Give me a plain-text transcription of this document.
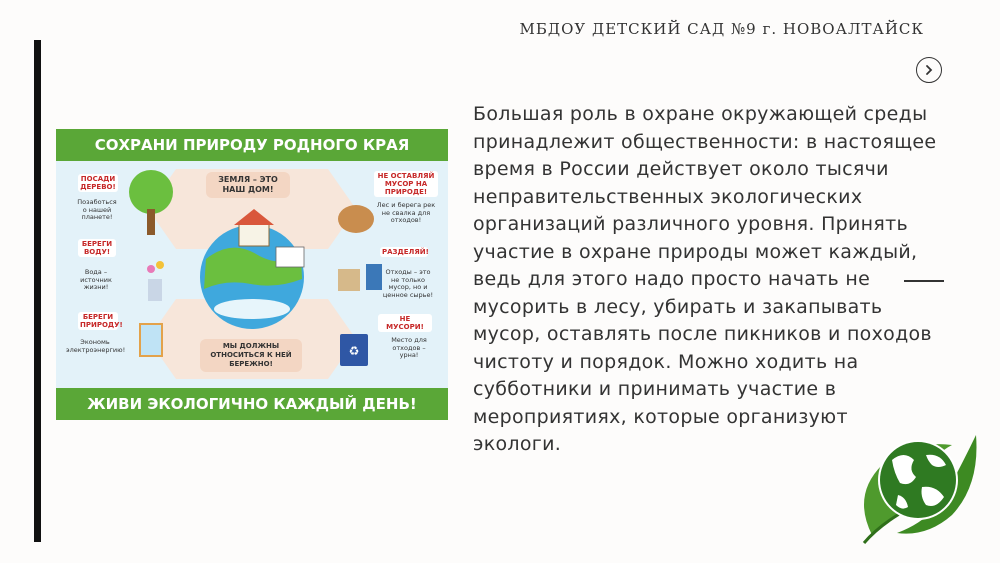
МБДОУ ДЕТСКИЙ САД №9 г. НОВОАЛТАЙСК
Большая роль в охране окружающей среды
принадлежит общественности: в настоящее
время в России действует около тысячи
неправительственных экологических
организаций различного уровня. Принять
участие в охране природы может каждый,
ведь для этого надо просто начать не
мусорить в лесу, убирать и закапывать
мусор, оставлять после пикников и походов
чистоту и порядок. Можно ходить на
субботники и принимать участие в
мероприятиях, которые организуют
экологи.
СОХРАНИ ПРИРОДУ РОДНОГО КРАЯ
♻
ЗЕМЛЯ – ЭТО НАШ ДОМ!
МЫ ДОЛЖНЫ ОТНОСИТЬСЯ К НЕЙ БЕРЕЖНО!
ПОСАДИ ДЕРЕВО!
Позаботься о нашей планете!
БЕРЕГИ ВОДУ!
Вода – источник жизни!
БЕРЕГИ ПРИРОДУ!
Экономь электроэнергию!
НЕ ОСТАВЛЯЙ МУСОР НА ПРИРОДЕ!
Лес и берега рек не свалка для отходов!
РАЗДЕЛЯЙ!
Отходы – это не только мусор, но и ценное сырье!
НЕ МУСОРИ!
Место для отходов – урна!
ЖИВИ ЭКОЛОГИЧНО КАЖДЫЙ ДЕНЬ!
